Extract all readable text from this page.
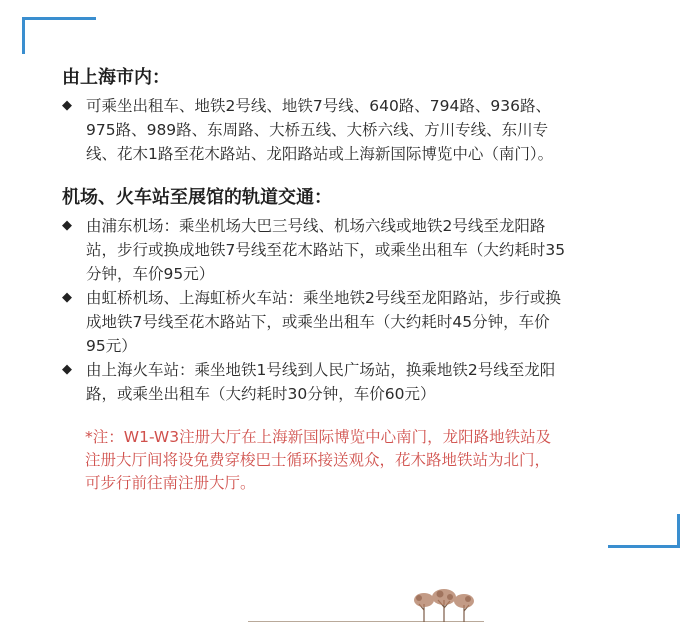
由上海市内：
◆ 可乘坐出租车、地铁2号线、地铁7号线、640路、794路、936路、
975路、989路、东周路、大桥五线、大桥六线、方川专线、东川专
线、花木1路至花木路站、龙阳路站或上海新国际博览中心（南门）。
机场、火车站至展馆的轨道交通：
◆ 由浦东机场：乘坐机场大巴三号线、机场六线或地铁2号线至龙阳路
站，步行或换成地铁7号线至花木路站下，或乘坐出租车（大约耗时35
分钟，车价95元）
◆ 由虹桥机场、上海虹桥火车站：乘坐地铁2号线至龙阳路站，步行或换
成地铁7号线至花木路站下，或乘坐出租车（大约耗时45分钟，车价
95元）
◆ 由上海火车站：乘坐地铁1号线到人民广场站，换乘地铁2号线至龙阳
路，或乘坐出租车（大约耗时30分钟，车价60元）
*注：W1-W3注册大厅在上海新国际博览中心南门，龙阳路地铁站及
注册大厅间将设免费穿梭巴士循环接送观众，花木路地铁站为北门，
可步行前往南注册大厅。
